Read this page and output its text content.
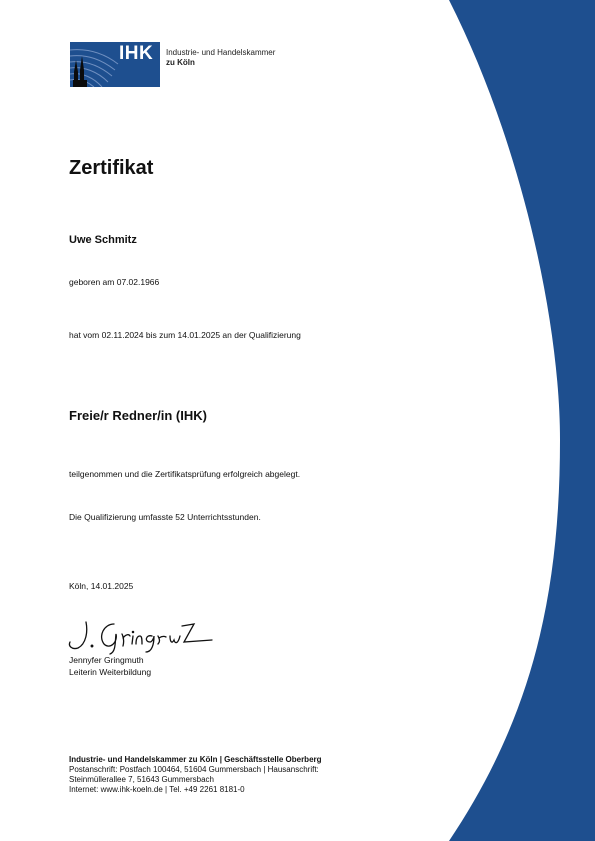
IHK Industrie- und Handelskammer
zu Köln
Zertifikat
Uwe Schmitz
geboren am 07.02.1966
hat vom 02.11.2024 bis zum 14.01.2025 an der Qualifizierung
Freie/r Redner/in (IHK)
teilgenommen und die Zertifikatsprüfung erfolgreich abgelegt.
Die Qualifizierung umfasste 52 Unterrichtsstunden.
Köln, 14.01.2025
Jennyfer Gringmuth
Leiterin Weiterbildung
Industrie- und Handelskammer zu Köln | Geschäftsstelle Oberberg
Postanschrift: Postfach 100464, 51604 Gummersbach | Hausanschrift:
Steinmüllerallee 7, 51643 Gummersbach
Internet: www.ihk-koeln.de | Tel. +49 2261 8181-0
